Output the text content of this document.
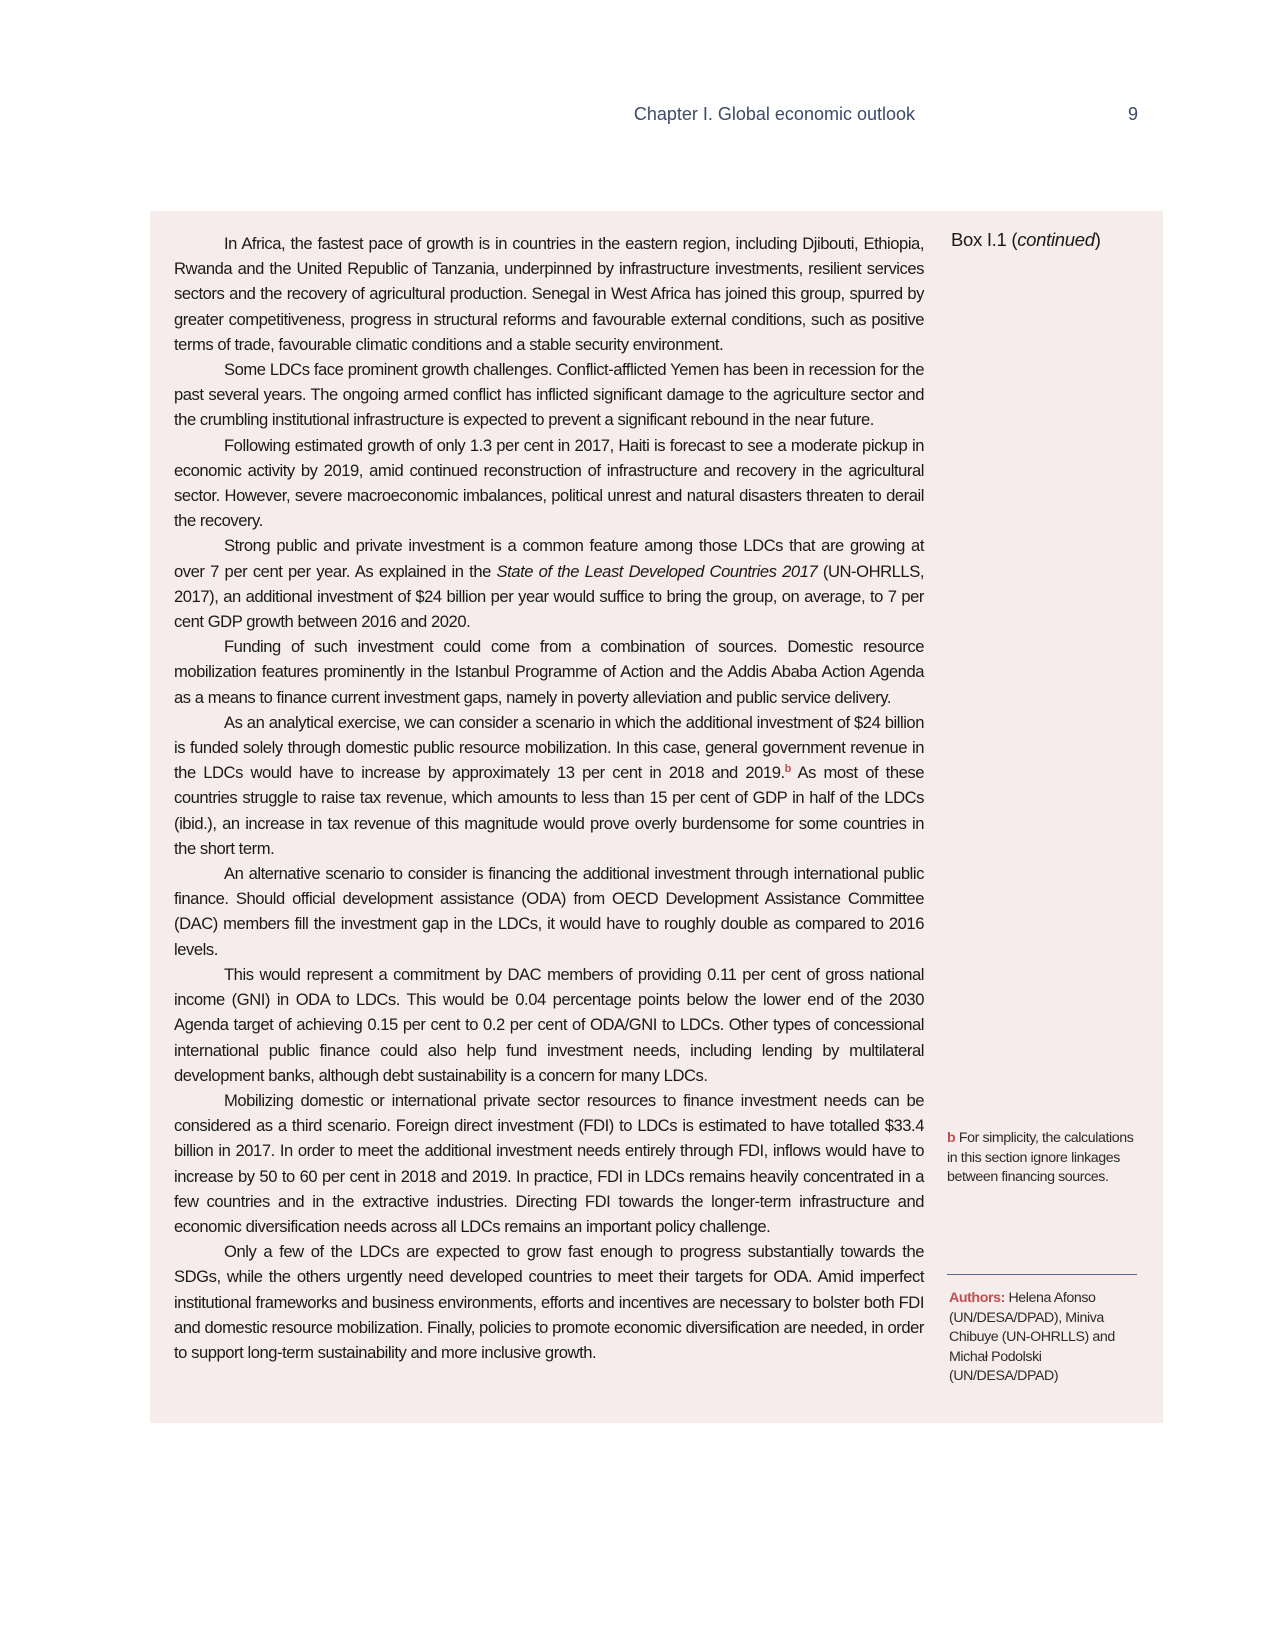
Chapter I. Global economic outlook	9

In Africa, the fastest pace of growth is in countries in the eastern region, including Djibouti, Ethiopia, Rwanda and the United Republic of Tanzania, underpinned by infrastructure investments, resilient services sectors and the recovery of agricultural production. Senegal in West Africa has joined this group, spurred by greater competitiveness, progress in structural reforms and favourable external conditions, such as positive terms of trade, favourable climatic conditions and a stable security environment.

Some LDCs face prominent growth challenges. Conflict-afflicted Yemen has been in recession for the past several years. The ongoing armed conflict has inflicted significant damage to the agriculture sector and the crumbling institutional infrastructure is expected to prevent a significant rebound in the near future.

Following estimated growth of only 1.3 per cent in 2017, Haiti is forecast to see a moderate pickup in economic activity by 2019, amid continued reconstruction of infrastructure and recovery in the agricultural sector. However, severe macroeconomic imbalances, political unrest and natural disasters threaten to derail the recovery.

Strong public and private investment is a common feature among those LDCs that are growing at over 7 per cent per year. As explained in the State of the Least Developed Countries 2017 (UN-OHRLLS, 2017), an additional investment of $24 billion per year would suffice to bring the group, on average, to 7 per cent GDP growth between 2016 and 2020.

Funding of such investment could come from a combination of sources. Domestic resource mobilization features prominently in the Istanbul Programme of Action and the Addis Ababa Action Agenda as a means to finance current investment gaps, namely in poverty alleviation and public service delivery.

As an analytical exercise, we can consider a scenario in which the additional investment of $24 billion is funded solely through domestic public resource mobilization. In this case, general government revenue in the LDCs would have to increase by approximately 13 per cent in 2018 and 2019.$^b$ As most of these countries struggle to raise tax revenue, which amounts to less than 15 per cent of GDP in half of the LDCs (ibid.), an increase in tax revenue of this magnitude would prove overly burdensome for some countries in the short term.

An alternative scenario to consider is financing the additional investment through international public finance. Should official development assistance (ODA) from OECD Development Assistance Committee (DAC) members fill the investment gap in the LDCs, it would have to roughly double as compared to 2016 levels.

This would represent a commitment by DAC members of providing 0.11 per cent of gross national income (GNI) in ODA to LDCs. This would be 0.04 percentage points below the lower end of the 2030 Agenda target of achieving 0.15 per cent to 0.2 per cent of ODA/GNI to LDCs. Other types of concessional international public finance could also help fund investment needs, including lending by multilateral development banks, although debt sustainability is a concern for many LDCs.

Mobilizing domestic or international private sector resources to finance investment needs can be considered as a third scenario. Foreign direct investment (FDI) to LDCs is estimated to have totalled $33.4 billion in 2017. In order to meet the additional investment needs entirely through FDI, inflows would have to increase by 50 to 60 per cent in 2018 and 2019. In practice, FDI in LDCs remains heavily concentrated in a few countries and in the extractive industries. Directing FDI towards the longer-term infrastructure and economic diversification needs across all LDCs remains an important policy challenge.

Only a few of the LDCs are expected to grow fast enough to progress substantially towards the SDGs, while the others urgently need developed countries to meet their targets for ODA. Amid imperfect institutional frameworks and business environments, efforts and incentives are necessary to bolster both FDI and domestic resource mobilization. Finally, policies to promote economic diversification are needed, in order to support long-term sustainability and more inclusive growth.

Box I.1 (continued)
b For simplicity, the calculations in this section ignore linkages between financing sources.
Authors: Helena Afonso (UN/DESA/DPAD), Miniva Chibuye (UN-OHRLLS) and Michał Podolski (UN/DESA/DPAD)
